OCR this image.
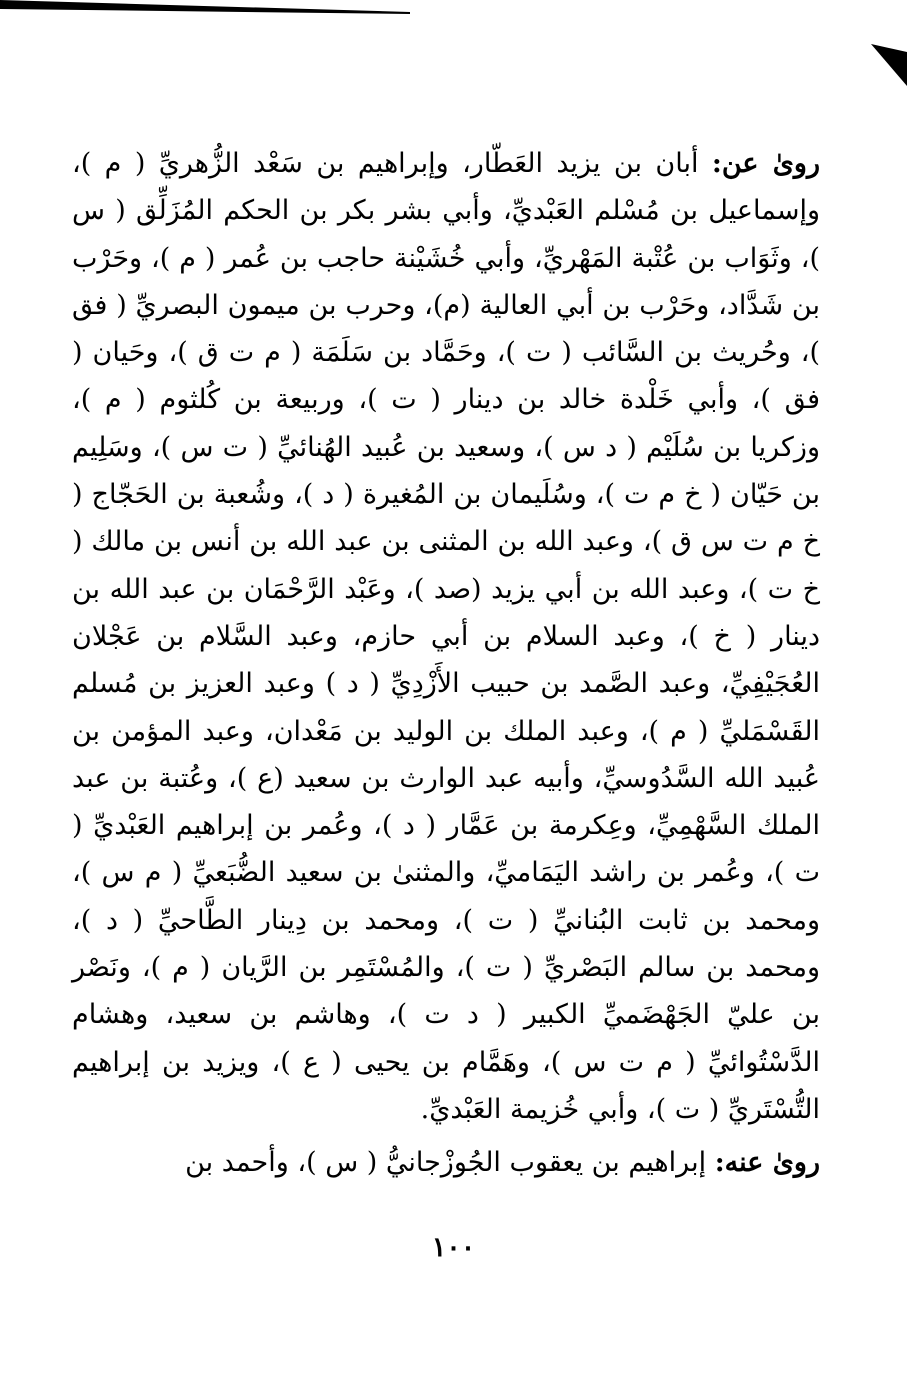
رویٰ عن: أبان بن يزيد العَطّار، وإبراهيم بن سَعْد الزُّهريِّ ( م )، وإسماعيل بن مُسْلم العَبْديِّ، وأبي بشر بكر بن الحكم المُزَلِّق ( س )، وثَوَاب بن عُتْبة المَهْريِّ، وأبي خُشَيْنة حاجب بن عُمر ( م )، وحَرْب بن شَدَّاد، وحَرْب بن أبي العالية (م)، وحرب بن ميمون البصريِّ ( فق )، وحُريث بن السَّائب ( ت )، وحَمَّاد بن سَلَمَة ( م ت ق )، وحَيان ( فق )، وأبي خَلْدة خالد بن دينار ( ت )، وربيعة بن كُلثوم ( م )، وزكريا بن سُلَيْم ( د س )، وسعيد بن عُبيد الهُنائيِّ ( ت س )، وسَلِيم بن حَيّان ( خ م ت )، وسُلَيمان بن المُغيرة ( د )، وشُعبة بن الحَجّاج ( خ م ت س ق )، وعبد الله بن المثنى بن عبد الله بن أنس بن مالك ( خ ت )، وعبد الله بن أبي يزيد (صد )، وعَبْد الرَّحْمَان بن عبد الله بن دينار ( خ )، وعبد السلام بن أبي حازم، وعبد السَّلام بن عَجْلان العُجَيْفِيِّ، وعبد الصَّمد بن حبيب الأَزْدِيِّ ( د ) وعبد العزيز بن مُسلم القَسْمَليِّ ( م )، وعبد الملك بن الوليد بن مَعْدان، وعبد المؤمن بن عُبيد الله السَّدُوسيِّ، وأبيه عبد الوارث بن سعيد (ع )، وعُتبة بن عبد الملك السَّهْمِيِّ، وعِكرمة بن عَمَّار ( د )، وعُمر بن إبراهيم العَبْديِّ ( ت )، وعُمر بن راشد اليَمَاميِّ، والمثنىٰ بن سعيد الضُّبَعيِّ ( م س )، ومحمد بن ثابت البُنانيِّ ( ت )، ومحمد بن دِينار الطَّاحيِّ ( د )، ومحمد بن سالم البَصْريِّ ( ت )، والمُسْتَمِر بن الرَّيان ( م )، ونَصْر بن عليّ الجَهْضَميِّ الكبير ( د ت )، وهاشم بن سعيد، وهشام الدَّسْتُوائيِّ ( م ت س )، وهَمَّام بن يحيى ( ع )، ويزيد بن إبراهيم التُّسْتَريِّ ( ت )، وأبي خُزيمة العَبْديِّ.

رویٰ عنه: إبراهيم بن يعقوب الجُوزْجانيُّ ( س )، وأحمد بن

١٠٠
